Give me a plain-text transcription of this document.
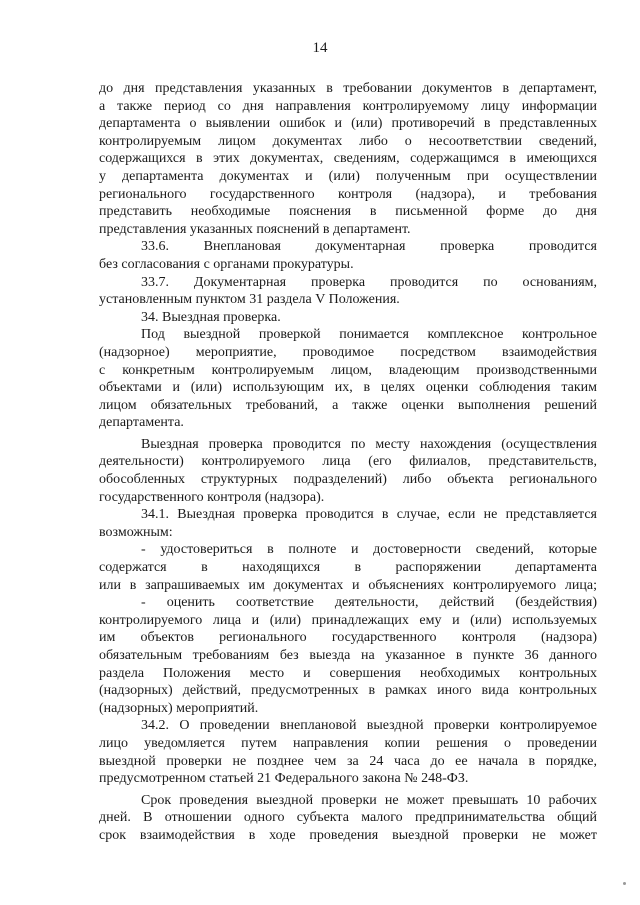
14
до дня представления указанных в требовании документов в департамент,
а также период со дня направления контролируемому лицу информации
департамента о выявлении ошибок и (или) противоречий в представленных
контролируемым лицом документах либо о несоответствии сведений,
содержащихся в этих документах, сведениям, содержащимся в имеющихся
у департамента документах и (или) полученным при осуществлении
регионального государственного контроля (надзора), и требования
представить необходимые пояснения в письменной форме до дня
представления указанных пояснений в департамент.
33.6. Внеплановая документарная проверка проводится
без согласования с органами прокуратуры.
33.7. Документарная проверка проводится по основаниям,
установленным пунктом 31 раздела V Положения.
34. Выездная проверка.
Под выездной проверкой понимается комплексное контрольное
(надзорное) мероприятие, проводимое посредством взаимодействия
с конкретным контролируемым лицом, владеющим производственными
объектами и (или) использующим их, в целях оценки соблюдения таким
лицом обязательных требований, а также оценки выполнения решений
департамента.
Выездная проверка проводится по месту нахождения (осуществления
деятельности) контролируемого лица (его филиалов, представительств,
обособленных структурных подразделений) либо объекта регионального
государственного контроля (надзора).
34.1. Выездная проверка проводится в случае, если не представляется
возможным:
- удостовериться в полноте и достоверности сведений, которые
содержатся в находящихся в распоряжении департамента
или в запрашиваемых им документах и объяснениях контролируемого лица;
- оценить соответствие деятельности, действий (бездействия)
контролируемого лица и (или) принадлежащих ему и (или) используемых
им объектов регионального государственного контроля (надзора)
обязательным требованиям без выезда на указанное в пункте 36 данного
раздела Положения место и совершения необходимых контрольных
(надзорных) действий, предусмотренных в рамках иного вида контрольных
(надзорных) мероприятий.
34.2. О проведении внеплановой выездной проверки контролируемое
лицо уведомляется путем направления копии решения о проведении
выездной проверки не позднее чем за 24 часа до ее начала в порядке,
предусмотренном статьей 21 Федерального закона № 248-ФЗ.
Срок проведения выездной проверки не может превышать 10 рабочих
дней. В отношении одного субъекта малого предпринимательства общий
срок взаимодействия в ходе проведения выездной проверки не может
